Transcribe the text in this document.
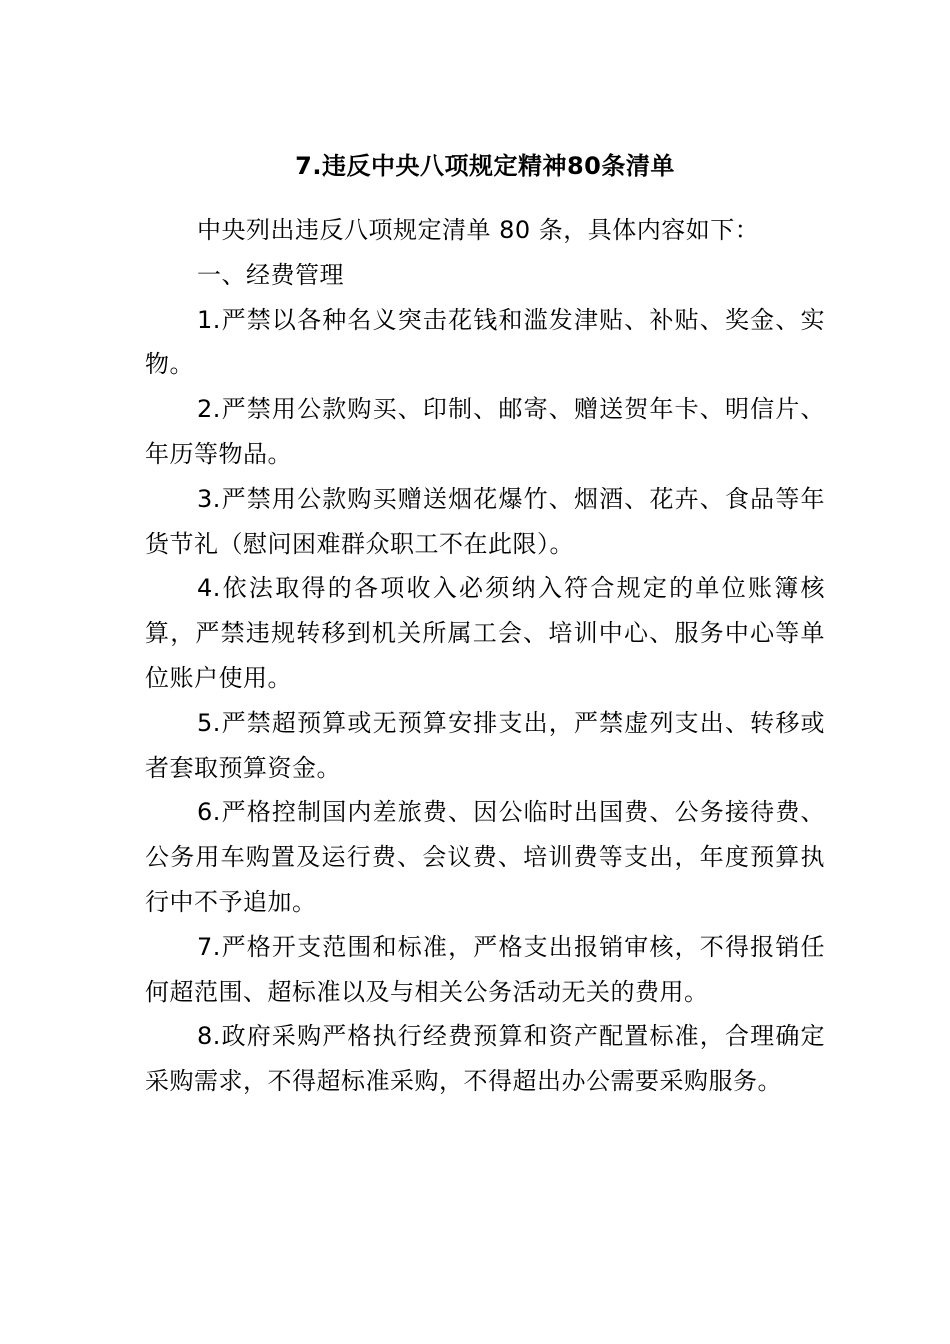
7.违反中央八项规定精神80条清单

中央列出违反八项规定清单 80 条，具体内容如下：

一、经费管理

1.严禁以各种名义突击花钱和滥发津贴、补贴、奖金、实物。

2.严禁用公款购买、印制、邮寄、赠送贺年卡、明信片、年历等物品。

3.严禁用公款购买赠送烟花爆竹、烟酒、花卉、食品等年货节礼（慰问困难群众职工不在此限）。

4.依法取得的各项收入必须纳入符合规定的单位账簿核算，严禁违规转移到机关所属工会、培训中心、服务中心等单位账户使用。

5.严禁超预算或无预算安排支出，严禁虚列支出、转移或者套取预算资金。

6.严格控制国内差旅费、因公临时出国费、公务接待费、公务用车购置及运行费、会议费、培训费等支出，年度预算执行中不予追加。

7.严格开支范围和标准，严格支出报销审核，不得报销任何超范围、超标准以及与相关公务活动无关的费用。

8.政府采购严格执行经费预算和资产配置标准，合理确定采购需求，不得超标准采购，不得超出办公需要采购服务。
